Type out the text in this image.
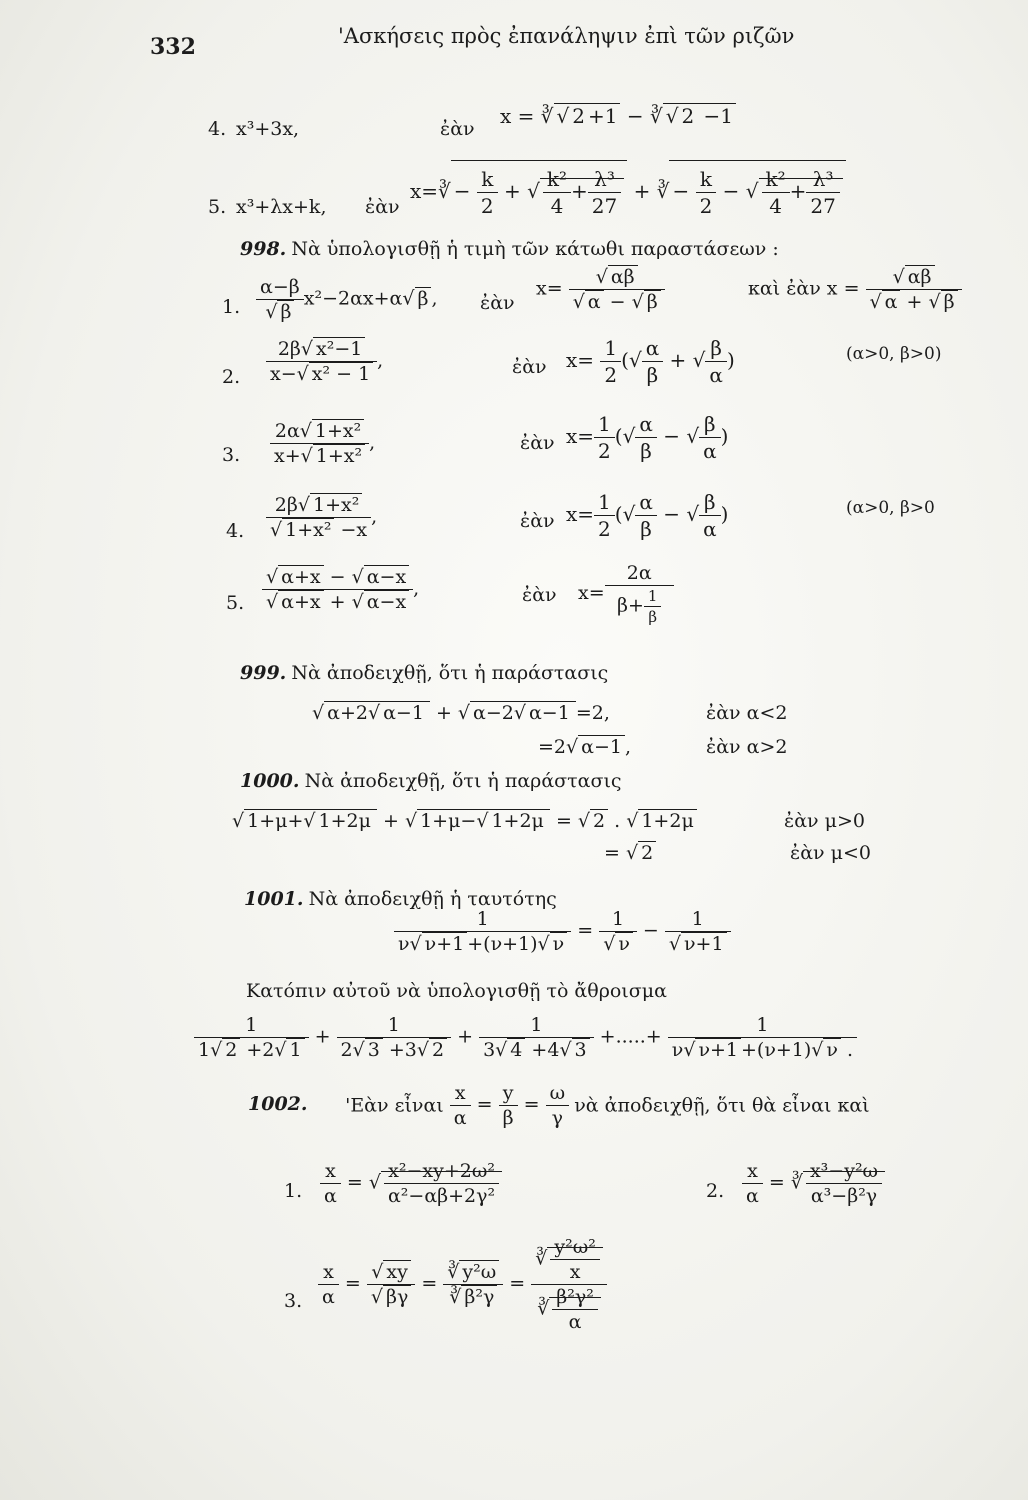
332	'Ασκήσεις πρὸς ἐπανάληψιν ἐπὶ τῶν ριζῶν
4. x³+3x,	ἐὰν
x = ∛ √ 2 +1 − ∛ √ 2 −1
5. x³+λx+k, ἐὰν
x=∛ − $\frac{k}{2}$ + √ $\frac{\text{k²}}{4} + \frac{\text{λ³}}{27}$ + ∛ − $\frac{k}{2}$ − √ $\frac{\text{k²}}{4} + \frac{\text{λ³}}{27}$
998. Νὰ ὑπολογισθῇ ἡ τιμὴ τῶν κάτωθι παραστάσεων :
1. $\frac{\alpha-\beta}{√ \beta} x^2-2\alpha x+\alpha√$ β , ἐὰν
$x= \frac{√ \alpha\beta}{√ \alpha - √ \beta}$	καὶ ἐὰν $x = \frac{√ \alpha\beta}{√ \alpha + √ \beta}$
2. $\frac{\text{2β√ x²−1}}{\text{x−√ x² − 1}}$ ,	ἐὰν $x= \frac{1}{2}$ (√ $\frac{\alpha}{\beta}$ + √ $\frac{\beta}{\alpha}$ )	(α>0, β>0)
3. $\frac{\text{2α√ 1+x²}}{\text{x+√ 1+x²}}$ ,	ἐὰν $x= \frac{1}{2}$ (√ $\frac{\alpha}{\beta}$ − √ $\frac{\beta}{\alpha}$ )
4. $\frac{\text{2β√ 1+x²}}{\text{√ 1+x² −x}}$ ,	ἐὰν $x= \frac{1}{2}$ (√ $\frac{\alpha}{\beta}$ − √ $\frac{\beta}{\alpha}$ )	(α>0, β>0
5. $\frac{√ \alpha+x - √ \alpha-x}{√ \alpha+x + √ \alpha-x}$ ,	ἐὰν $x= \frac{2\alpha}{\beta+ \frac{1}{\beta}}$
999. Νὰ ἀποδειχθῇ, ὅτι ἡ παράστασις
√ α+2√ α−1 + √ α−2√ α−1 =2,	ἐὰν α<2
=2√ α−1 ,	ἐὰν α>2
1000. Νὰ ἀποδειχθῇ, ὅτι ἡ παράστασις
√ 1+μ+√ 1+2μ + √ 1+μ−√ 1+2μ = √ 2 . √ 1+2μ	ἐὰν μ>0
= √ 2	ἐὰν μ<0
1001. Νὰ ἀποδειχθῇ ἡ ταυτότης
$\frac{1}{\nu√ \nu+1 +(\nu+1)√ \nu} = \frac{1}{√ \nu} - \frac{1}{√ \nu+1}$
Κατόπιν αὐτοῦ νὰ ὑπολογισθῇ τὸ ἄθροισμα
$\frac{1}{1√ 2 +2√ 1} + \frac{1}{2√ 3 +3√ 2} + \frac{1}{3√ 4 +4√ 3}$ +.....+ $\frac{1}{\nu√ \nu+1 +(\nu+1)√ \nu .}$
1002. 'Εὰν εἶναι $\frac{x}{\alpha} = \frac{y}{\beta} = \frac{\omega}{\gamma}$ νὰ ἀποδειχθῇ, ὅτι θὰ εἶναι καὶ
1. $\frac{x}{\alpha}$ = √ $\frac{\text{x²−xy+2ω²}}{\text{α²−αβ+2γ²}}$	2. $\frac{x}{\alpha}$ = ∛ $\frac{\text{x³−y²ω}}{\text{α³−β²γ}}$
3. $\frac{x}{\alpha} = \frac{√ xy}{√ \beta\gamma} = \frac{\text{∛ y²ω}}{\text{∛ β²γ}} = \frac{∛ \frac{\text{y²ω²}}{x}}{∛ \frac{\text{β²γ²}}{\alpha}}$
